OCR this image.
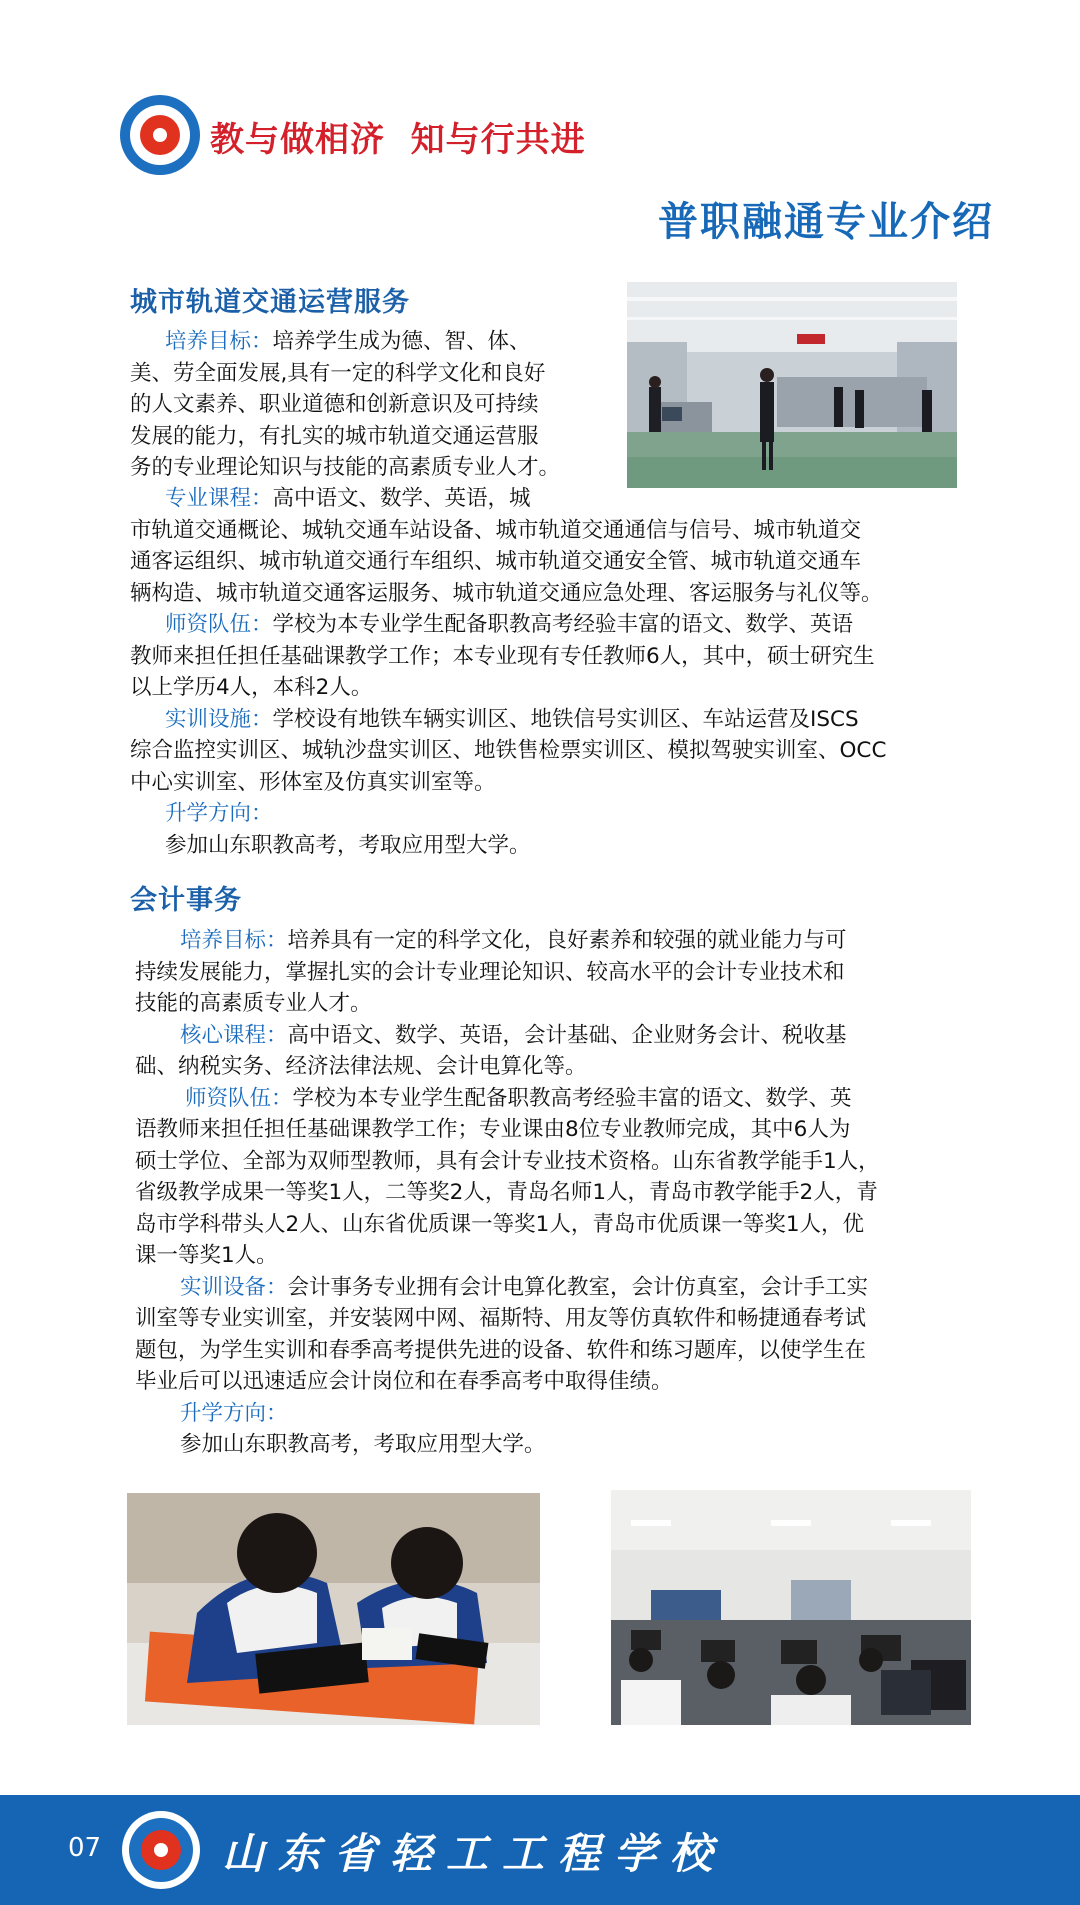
教与做相济  知与行共进
普职融通专业介绍
城市轨道交通运营服务
培养目标：培养学生成为德、智、体、
美、劳全面发展,具有一定的科学文化和良好
的人文素养、职业道德和创新意识及可持续
发展的能力，有扎实的城市轨道交通运营服
务的专业理论知识与技能的高素质专业人才。
专业课程：高中语文、数学、英语，城
市轨道交通概论、城轨交通车站设备、城市轨道交通通信与信号、城市轨道交
通客运组织、城市轨道交通行车组织、城市轨道交通安全管、城市轨道交通车
辆构造、城市轨道交通客运服务、城市轨道交通应急处理、客运服务与礼仪等。
师资队伍：学校为本专业学生配备职教高考经验丰富的语文、数学、英语
教师来担任担任基础课教学工作；本专业现有专任教师6人，其中，硕士研究生
以上学历4人，本科2人。
实训设施：学校设有地铁车辆实训区、地铁信号实训区、车站运营及ISCS
综合监控实训区、城轨沙盘实训区、地铁售检票实训区、模拟驾驶实训室、OCC
中心实训室、形体室及仿真实训室等。
升学方向：
参加山东职教高考，考取应用型大学。
会计事务
培养目标：培养具有一定的科学文化，良好素养和较强的就业能力与可
持续发展能力，掌握扎实的会计专业理论知识、较高水平的会计专业技术和
技能的高素质专业人才。
核心课程：高中语文、数学、英语，会计基础、企业财务会计、税收基
础、纳税实务、经济法律法规、会计电算化等。
师资队伍：学校为本专业学生配备职教高考经验丰富的语文、数学、英
语教师来担任担任基础课教学工作；专业课由8位专业教师完成，其中6人为
硕士学位、全部为双师型教师，具有会计专业技术资格。山东省教学能手1人，
省级教学成果一等奖1人，二等奖2人，青岛名师1人，青岛市教学能手2人，青
岛市学科带头人2人、山东省优质课一等奖1人，青岛市优质课一等奖1人，优
课一等奖1人。
实训设备：会计事务专业拥有会计电算化教室，会计仿真室，会计手工实
训室等专业实训室，并安装网中网、福斯特、用友等仿真软件和畅捷通春考试
题包，为学生实训和春季高考提供先进的设备、软件和练习题库，以使学生在
毕业后可以迅速适应会计岗位和在春季高考中取得佳绩。
升学方向：
参加山东职教高考，考取应用型大学。
07	山东省轻工工程学校
